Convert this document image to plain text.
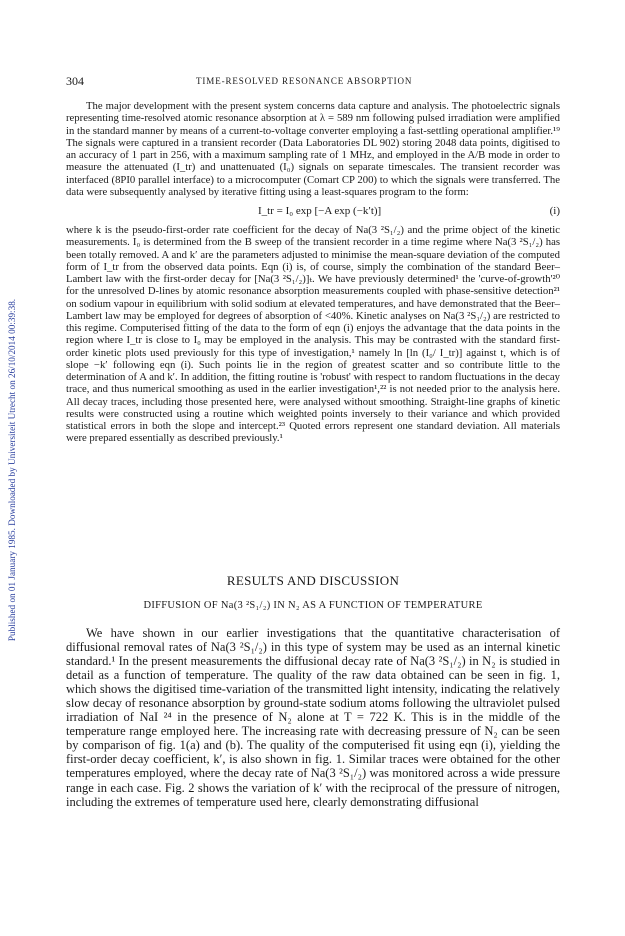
Published on 01 January 1985. Downloaded by Universiteit Utrecht on 26/10/2014 00:39:38.
304	TIME-RESOLVED RESONANCE ABSORPTION

The major development with the present system concerns data capture and analysis. The photoelectric signals representing time-resolved atomic resonance absorption at λ = 589 nm following pulsed irradiation were amplified in the standard manner by means of a current-to-voltage converter employing a fast-settling operational amplifier.¹⁹ The signals were captured in a transient recorder (Data Laboratories DL 902) storing 2048 data points, digitised to an accuracy of 1 part in 256, with a maximum sampling rate of 1 MHz, and employed in the A/B mode in order to measure the attenuated (I_tr) and unattenuated (I₀) signals on separate timescales. The transient recorder was interfaced (8PI0 parallel interface) to a microcomputer (Comart CP 200) to which the signals were transferred. The data were subsequently analysed by iterative fitting using a least-squares program to the form:

I_tr = I₀ exp [−A exp (−k′t)]	(i)

where k is the pseudo-first-order rate coefficient for the decay of Na(3 ²S₁/₂) and the prime object of the kinetic measurements. I₀ is determined from the B sweep of the transient recorder in a time regime where Na(3 ²S₁/₂) has been totally removed. A and k′ are the parameters adjusted to minimise the mean-square deviation of the computed form of I_tr from the observed data points. Eqn (i) is, of course, simply the combination of the standard Beer–Lambert law with the first-order decay for [Na(3 ²S₁/₂)]ₜ. We have previously determined¹ the 'curve-of-growth'²⁰ for the unresolved D-lines by atomic resonance absorption measurements coupled with phase-sensitive detection²¹ on sodium vapour in equilibrium with solid sodium at elevated temperatures, and have demonstrated that the Beer–Lambert law may be employed for degrees of absorption of <40%. Kinetic analyses on Na(3 ²S₁/₂) are restricted to this regime. Computerised fitting of the data to the form of eqn (i) enjoys the advantage that the data points in the region where I_tr is close to I₀ may be employed in the analysis. This may be contrasted with the standard first-order kinetic plots used previously for this type of investigation,¹ namely ln [ln (I₀/ I_tr)] against t, which is of slope −k′ following eqn (i). Such points lie in the region of greatest scatter and so contribute little to the determination of A and k′. In addition, the fitting routine is 'robust' with respect to random fluctuations in the decay trace, and thus numerical smoothing as used in the earlier investigation¹,²² is not needed prior to the analysis here. All decay traces, including those presented here, were analysed without smoothing. Straight-line graphs of kinetic results were constructed using a routine which weighted points inversely to their variance and which provided statistical errors in both the slope and intercept.²³ Quoted errors represent one standard deviation. All materials were prepared essentially as described previously.¹

RESULTS AND DISCUSSION
DIFFUSION OF Na(3 ²S₁/₂) IN N₂ AS A FUNCTION OF TEMPERATURE

We have shown in our earlier investigations that the quantitative characterisation of diffusional removal rates of Na(3 ²S₁/₂) in this type of system may be used as an internal kinetic standard.¹ In the present measurements the diffusional decay rate of Na(3 ²S₁/₂) in N₂ is studied in detail as a function of temperature. The quality of the raw data obtained can be seen in fig. 1, which shows the digitised time-variation of the transmitted light intensity, indicating the relatively slow decay of resonance absorption by ground-state sodium atoms following the ultraviolet pulsed irradiation of NaI ²⁴ in the presence of N₂ alone at T = 722 K. This is in the middle of the temperature range employed here. The increasing rate with decreasing pressure of N₂ can be seen by comparison of fig. 1(a) and (b). The quality of the computerised fit using eqn (i), yielding the first-order decay coefficient, k′, is also shown in fig. 1. Similar traces were obtained for the other temperatures employed, where the decay rate of Na(3 ²S₁/₂) was monitored across a wide pressure range in each case. Fig. 2 shows the variation of k′ with the reciprocal of the pressure of nitrogen, including the extremes of temperature used here, clearly demonstrating diffusional
